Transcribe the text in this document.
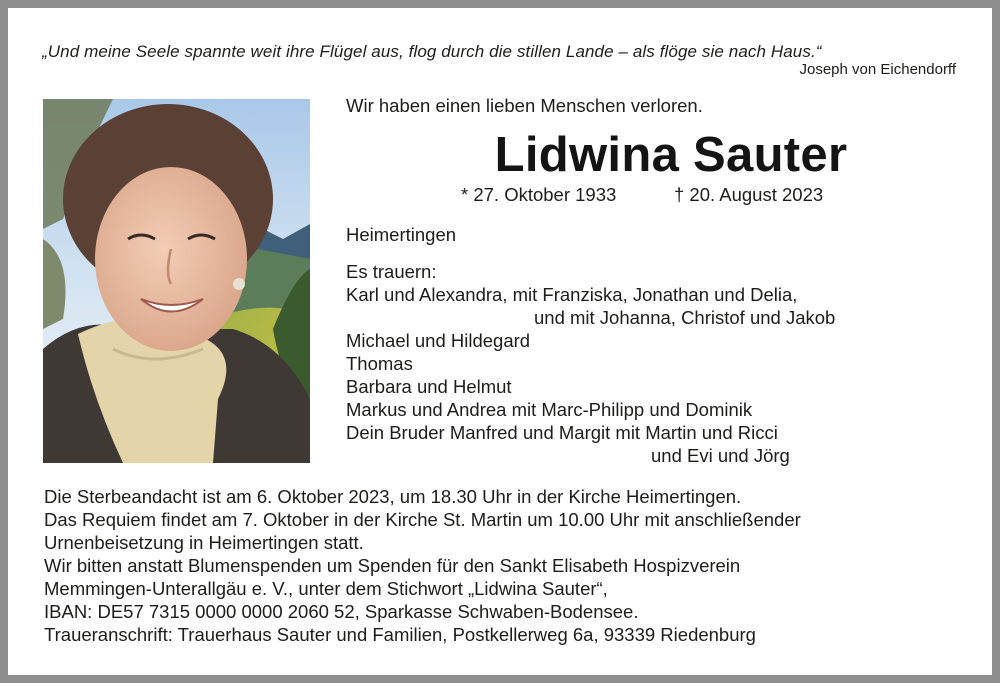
„Und meine Seele spannte weit ihre Flügel aus, flog durch die stillen Lande – als flöge sie nach Haus.“
Joseph von Eichendorff
Wir haben einen lieben Menschen verloren.
Lidwina Sauter
* 27. Oktober 1933	† 20. August 2023
Heimertingen
Es trauern:
Karl und Alexandra, mit Franziska, Jonathan und Delia,
und mit Johanna, Christof und Jakob
Michael und Hildegard
Thomas
Barbara und Helmut
Markus und Andrea mit Marc-Philipp und Dominik
Dein Bruder Manfred und Margit mit Martin und Ricci
und Evi und Jörg
Die Sterbeandacht ist am 6. Oktober 2023, um 18.30 Uhr in der Kirche Heimertingen.
Das Requiem findet am 7. Oktober in der Kirche St. Martin um 10.00 Uhr mit anschließender
Urnenbeisetzung in Heimertingen statt.
Wir bitten anstatt Blumenspenden um Spenden für den Sankt Elisabeth Hospizverein
Memmingen-Unterallgäu e. V., unter dem Stichwort „Lidwina Sauter“,
IBAN: DE57 7315 0000 0000 2060 52, Sparkasse Schwaben-Bodensee.
Traueranschrift: Trauerhaus Sauter und Familien, Postkellerweg 6a, 93339 Riedenburg
